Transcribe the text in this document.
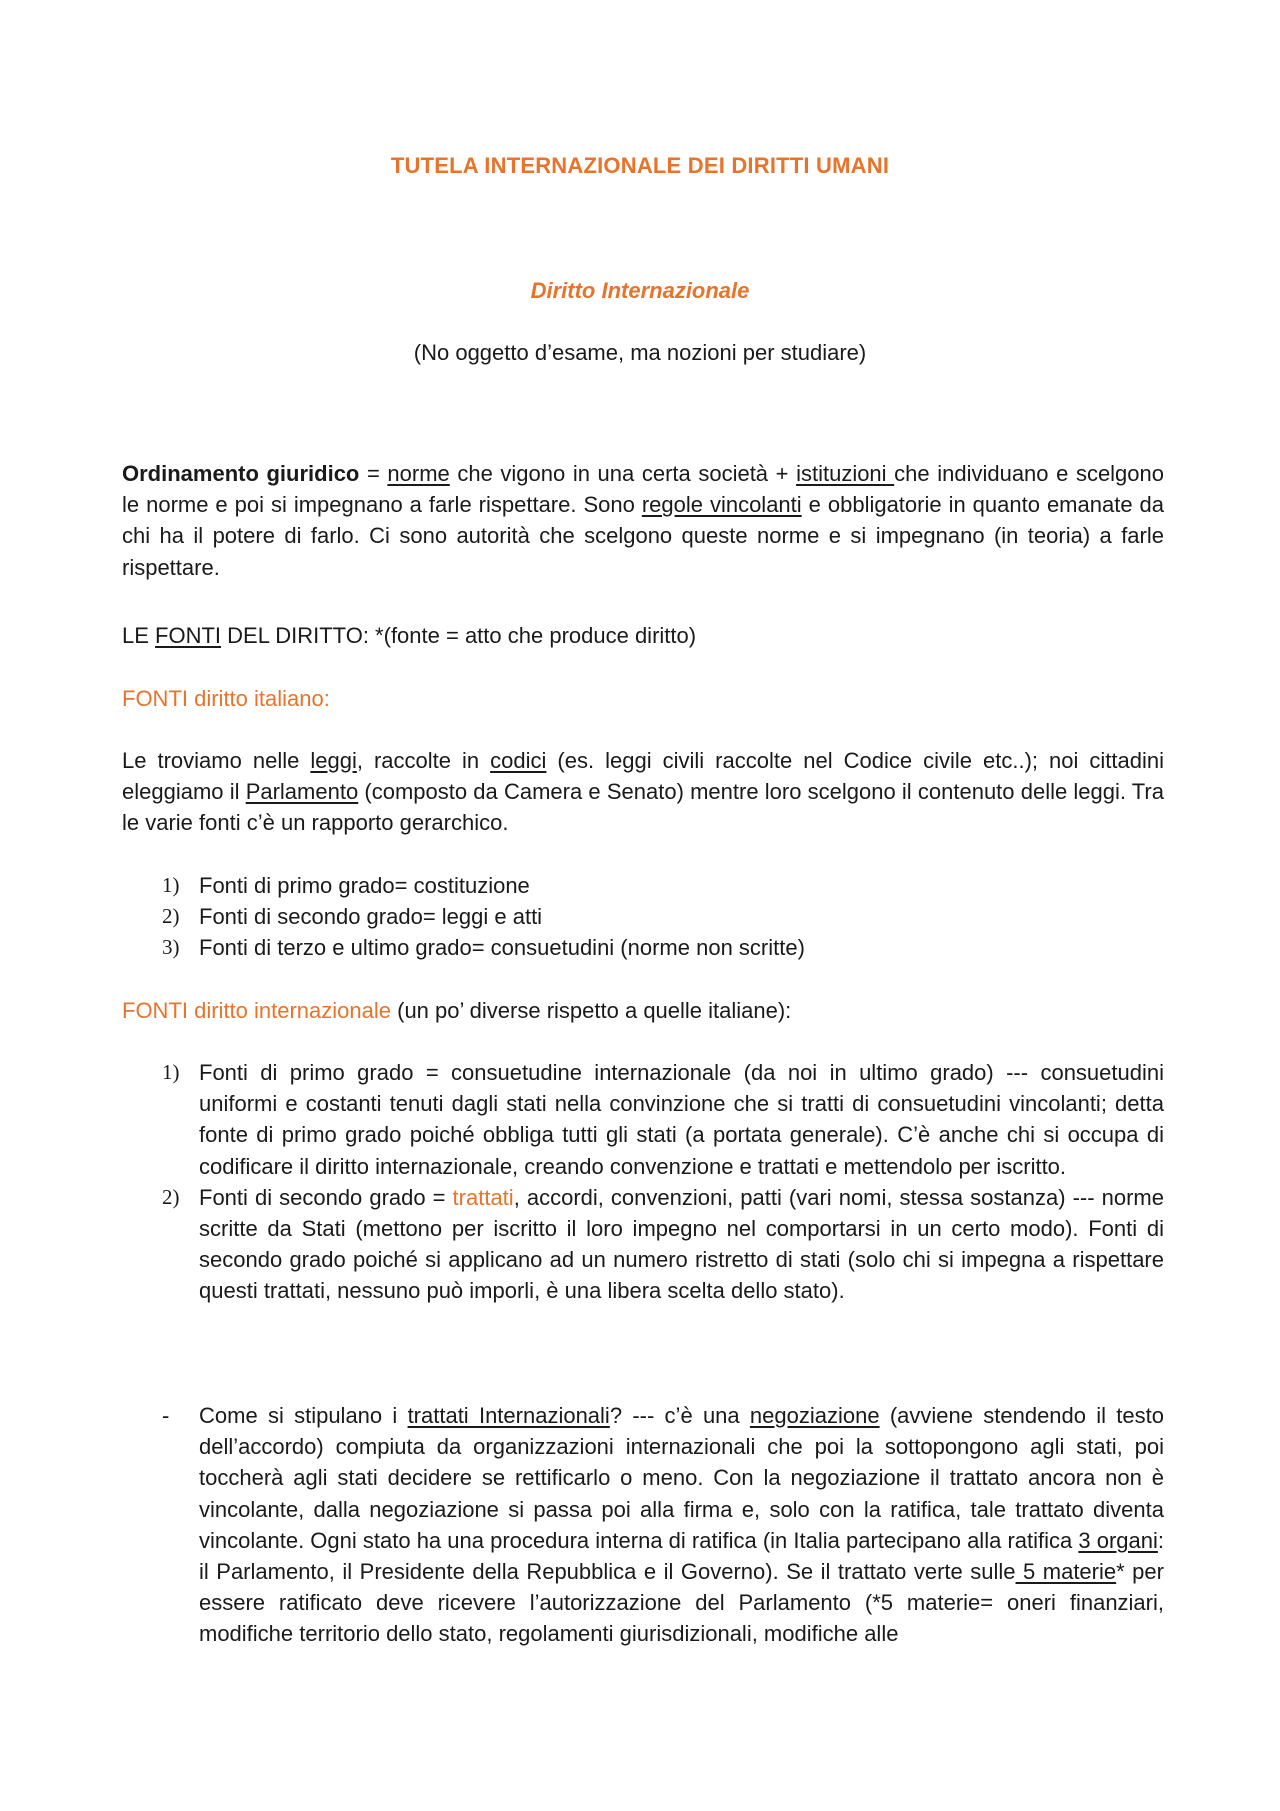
TUTELA INTERNAZIONALE DEI DIRITTI UMANI
Diritto Internazionale
(No oggetto d’esame, ma nozioni per studiare)
Ordinamento giuridico = norme che vigono in una certa società + istituzioni che individuano e scelgono le norme e poi si impegnano a farle rispettare. Sono regole vincolanti e obbligatorie in quanto emanate da chi ha il potere di farlo. Ci sono autorità che scelgono queste norme e si impegnano (in teoria) a farle rispettare.
LE FONTI DEL DIRITTO: *(fonte = atto che produce diritto)
FONTI diritto italiano:
Le troviamo nelle leggi, raccolte in codici (es. leggi civili raccolte nel Codice civile etc..); noi cittadini eleggiamo il Parlamento (composto da Camera e Senato) mentre loro scelgono il contenuto delle leggi. Tra le varie fonti c’è un rapporto gerarchico.
1) Fonti di primo grado= costituzione
2) Fonti di secondo grado= leggi e atti
3) Fonti di terzo e ultimo grado= consuetudini (norme non scritte)
FONTI diritto internazionale (un po’ diverse rispetto a quelle italiane):
1) Fonti di primo grado = consuetudine internazionale (da noi in ultimo grado) --- consuetudini uniformi e costanti tenuti dagli stati nella convinzione che si tratti di consuetudini vincolanti; detta fonte di primo grado poiché obbliga tutti gli stati (a portata generale). C’è anche chi si occupa di codificare il diritto internazionale, creando convenzione e trattati e mettendolo per iscritto.
2) Fonti di secondo grado = trattati, accordi, convenzioni, patti (vari nomi, stessa sostanza) --- norme scritte da Stati (mettono per iscritto il loro impegno nel comportarsi in un certo modo). Fonti di secondo grado poiché si applicano ad un numero ristretto di stati (solo chi si impegna a rispettare questi trattati, nessuno può imporli, è una libera scelta dello stato).
- Come si stipulano i trattati Internazionali? --- c’è una negoziazione (avviene stendendo il testo dell’accordo) compiuta da organizzazioni internazionali che poi la sottopongono agli stati, poi toccherà agli stati decidere se rettificarlo o meno. Con la negoziazione il trattato ancora non è vincolante, dalla negoziazione si passa poi alla firma e, solo con la ratifica, tale trattato diventa vincolante. Ogni stato ha una procedura interna di ratifica (in Italia partecipano alla ratifica 3 organi: il Parlamento, il Presidente della Repubblica e il Governo). Se il trattato verte sulle 5 materie* per essere ratificato deve ricevere l’autorizzazione del Parlamento (*5 materie= oneri finanziari, modifiche territorio dello stato, regolamenti giurisdizionali, modifiche alle
